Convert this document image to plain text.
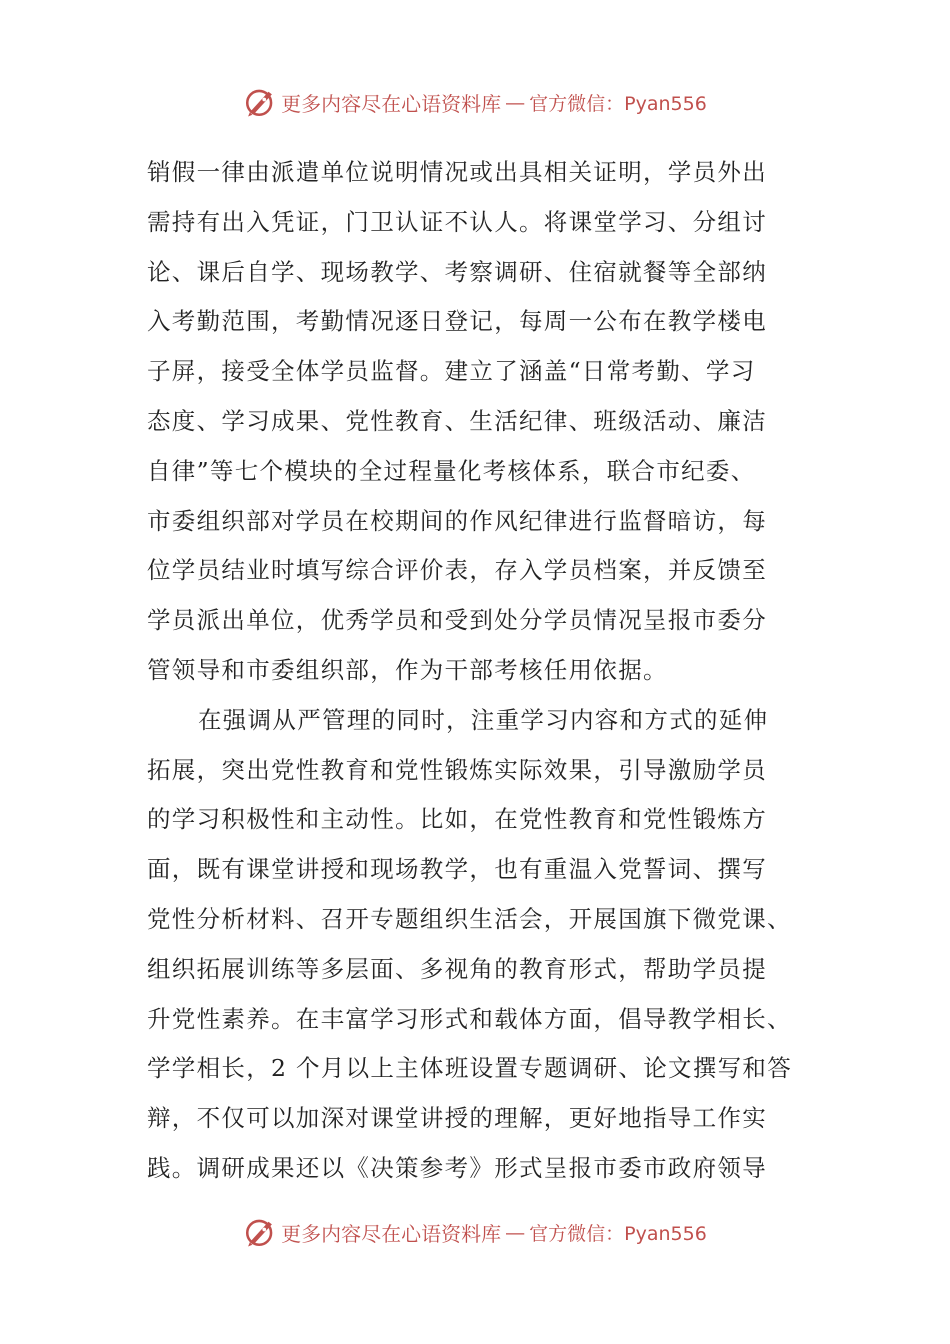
更多内容尽在心语资料库 — 官方微信：Pyan556
销假一律由派遣单位说明情况或出具相关证明，学员外出
需持有出入凭证，门卫认证不认人。将课堂学习、分组讨
论、课后自学、现场教学、考察调研、住宿就餐等全部纳
入考勤范围，考勤情况逐日登记，每周一公布在教学楼电
子屏，接受全体学员监督。建立了涵盖“日常考勤、学习
态度、学习成果、党性教育、生活纪律、班级活动、廉洁
自律”等七个模块的全过程量化考核体系，联合市纪委、
市委组织部对学员在校期间的作风纪律进行监督暗访，每
位学员结业时填写综合评价表，存入学员档案，并反馈至
学员派出单位，优秀学员和受到处分学员情况呈报市委分
管领导和市委组织部，作为干部考核任用依据。
在强调从严管理的同时，注重学习内容和方式的延伸
拓展，突出党性教育和党性锻炼实际效果，引导激励学员
的学习积极性和主动性。比如，在党性教育和党性锻炼方
面，既有课堂讲授和现场教学，也有重温入党誓词、撰写
党性分析材料、召开专题组织生活会，开展国旗下微党课、
组织拓展训练等多层面、多视角的教育形式，帮助学员提
升党性素养。在丰富学习形式和载体方面，倡导教学相长、
学学相长，2 个月以上主体班设置专题调研、论文撰写和答
辩，不仅可以加深对课堂讲授的理解，更好地指导工作实
践。调研成果还以《决策参考》形式呈报市委市政府领导
更多内容尽在心语资料库 — 官方微信：Pyan556
